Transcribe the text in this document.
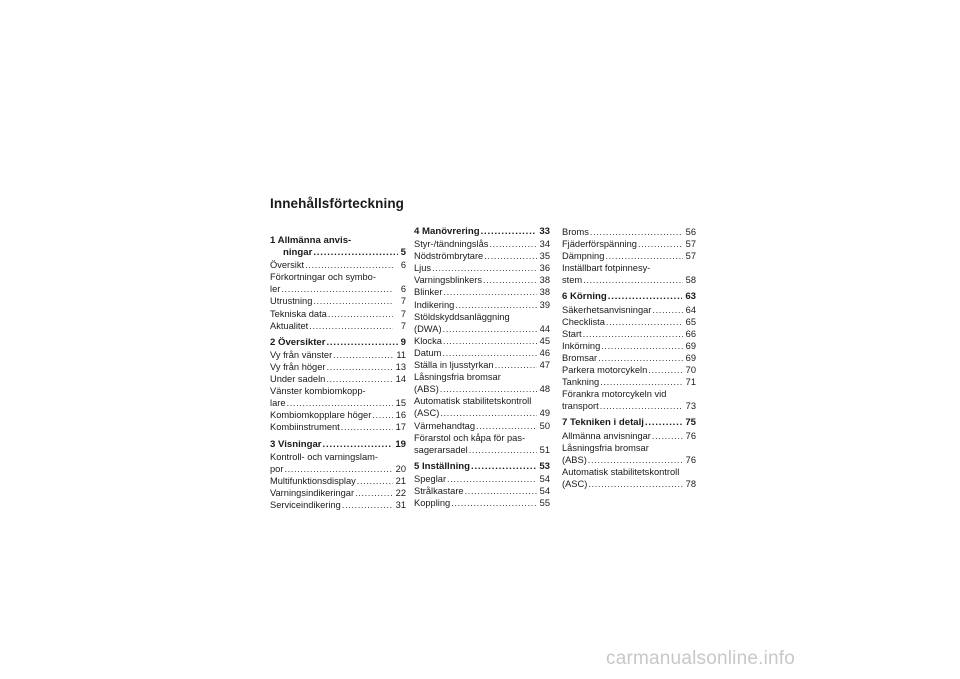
Innehållsförteckning
1 Allmänna anvis-
ningar .....	5
Översikt .....	6
Förkortningar och symbo-
ler .....	6
Utrustning .....	7
Tekniska data .....	7
Aktualitet .....	7
2 Översikter .....	9
Vy från vänster .....	11
Vy från höger .....	13
Under sadeln .....	14
Vänster kombiomkopp-
lare .....	15
Kombiomkopplare höger .....	16
Kombiinstrument .....	17
3 Visningar .....	19
Kontroll- och varningslam-
por .....	20
Multifunktionsdisplay .....	21
Varningsindikeringar .....	22
Serviceindikering .....	31
4 Manövrering .....	33
Styr-/tändningslås .....	34
Nödströmbrytare .....	35
Ljus .....	36
Varningsblinkers .....	38
Blinker .....	38
Indikering .....	39
Stöldskyddsanläggning
(DWA) .....	44
Klocka .....	45
Datum .....	46
Ställa in ljusstyrkan .....	47
Låsningsfria bromsar
(ABS) .....	48
Automatisk stabilitetskontroll
(ASC) .....	49
Värmehandtag .....	50
Förarstol och kåpa för pas-
sagerarsadel .....	51
5 Inställning .....	53
Speglar .....	54
Strålkastare .....	54
Koppling .....	55
Broms .....	56
Fjäderförspänning .....	57
Dämpning .....	57
Inställbart fotpinnesy-
stem .....	58
6 Körning .....	63
Säkerhetsanvisningar .....	64
Checklista .....	65
Start .....	66
Inkörning .....	69
Bromsar .....	69
Parkera motorcykeln .....	70
Tankning .....	71
Förankra motorcykeln vid
transport .....	73
7 Tekniken i detalj .....	75
Allmänna anvisningar .....	76
Låsningsfria bromsar
(ABS) .....	76
Automatisk stabilitetskontroll
(ASC) .....	78
carmanualsonline.info
